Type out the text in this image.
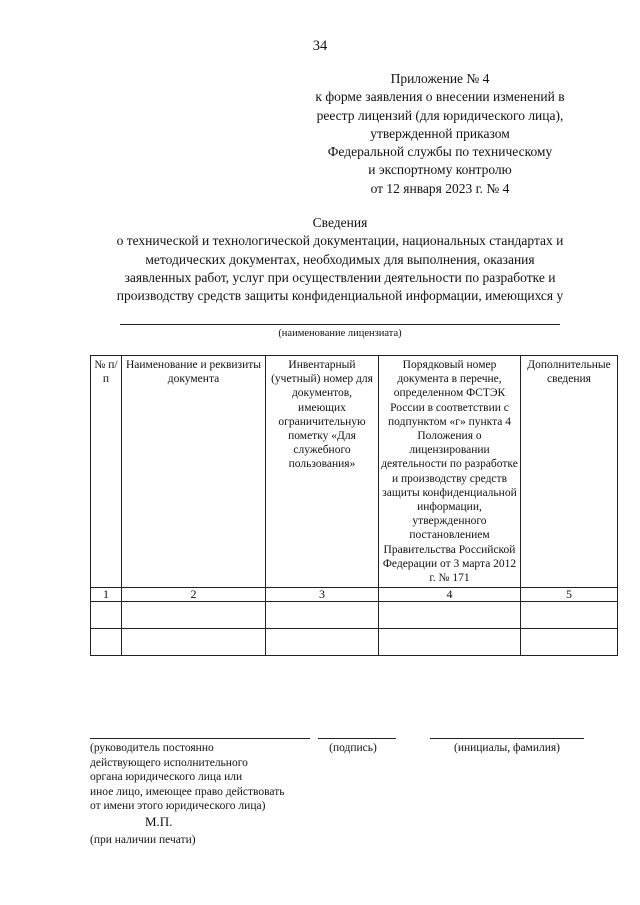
34
Приложение № 4
к форме заявления о внесении изменений в
реестр лицензий (для юридического лица),
утвержденной приказом
Федеральной службы по техническому
и экспортному контролю
от 12 января 2023 г. № 4
Сведения
о технической и технологической документации, национальных стандартах и
методических документах, необходимых для выполнения, оказания
заявленных работ, услуг при осуществлении деятельности по разработке и
производству средств защиты конфиденциальной информации, имеющихся у
(наименование лицензиата)
№ п/п	Наименование и реквизиты документа	Инвентарный (учетный) номер для документов, имеющих ограничительную пометку «Для служебного пользования»	Порядковый номер документа в перечне, определенном ФСТЭК России в соответствии с подпунктом «г» пункта 4 Положения о лицензировании деятельности по разработке и производству средств защиты конфиденциальной информации, утвержденного постановлением Правительства Российской Федерации от 3 марта 2012 г. № 171	Дополнительные сведения
1	2	3	4	5

(руководитель постоянно
действующего исполнительного
органа юридического лица или
иное лицо, имеющее право действовать
от имени этого юридического лица)
(подпись)	(инициалы, фамилия)
М.П.
(при наличии печати)
